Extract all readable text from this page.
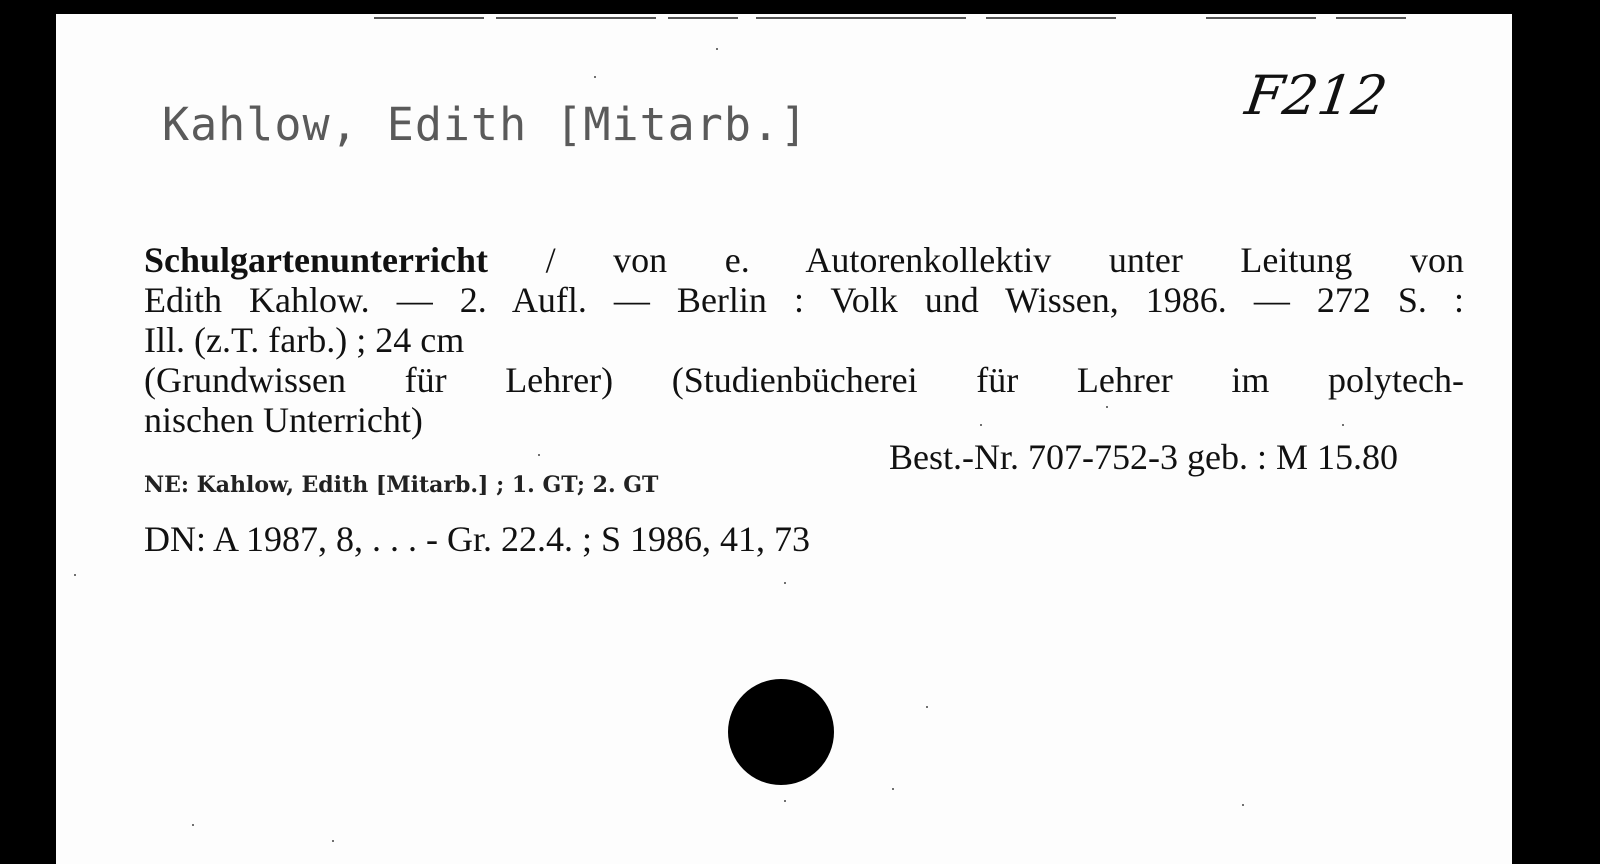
Kahlow, Edith [Mitarb.]	F212
Schulgartenunterricht / von e. Autorenkollektiv unter Leitung von
Edith Kahlow. — 2. Aufl. — Berlin : Volk und Wissen, 1986. — 272 S. :
Ill. (z.T. farb.) ; 24 cm
(Grundwissen für Lehrer) (Studienbücherei für Lehrer im polytech-
nischen Unterricht)
Best.-Nr. 707-752-3 geb. : M 15.80
NE: Kahlow, Edith [Mitarb.] ; 1. GT; 2. GT
DN: A 1987, 8, . . . - Gr. 22.4. ; S 1986, 41, 73
